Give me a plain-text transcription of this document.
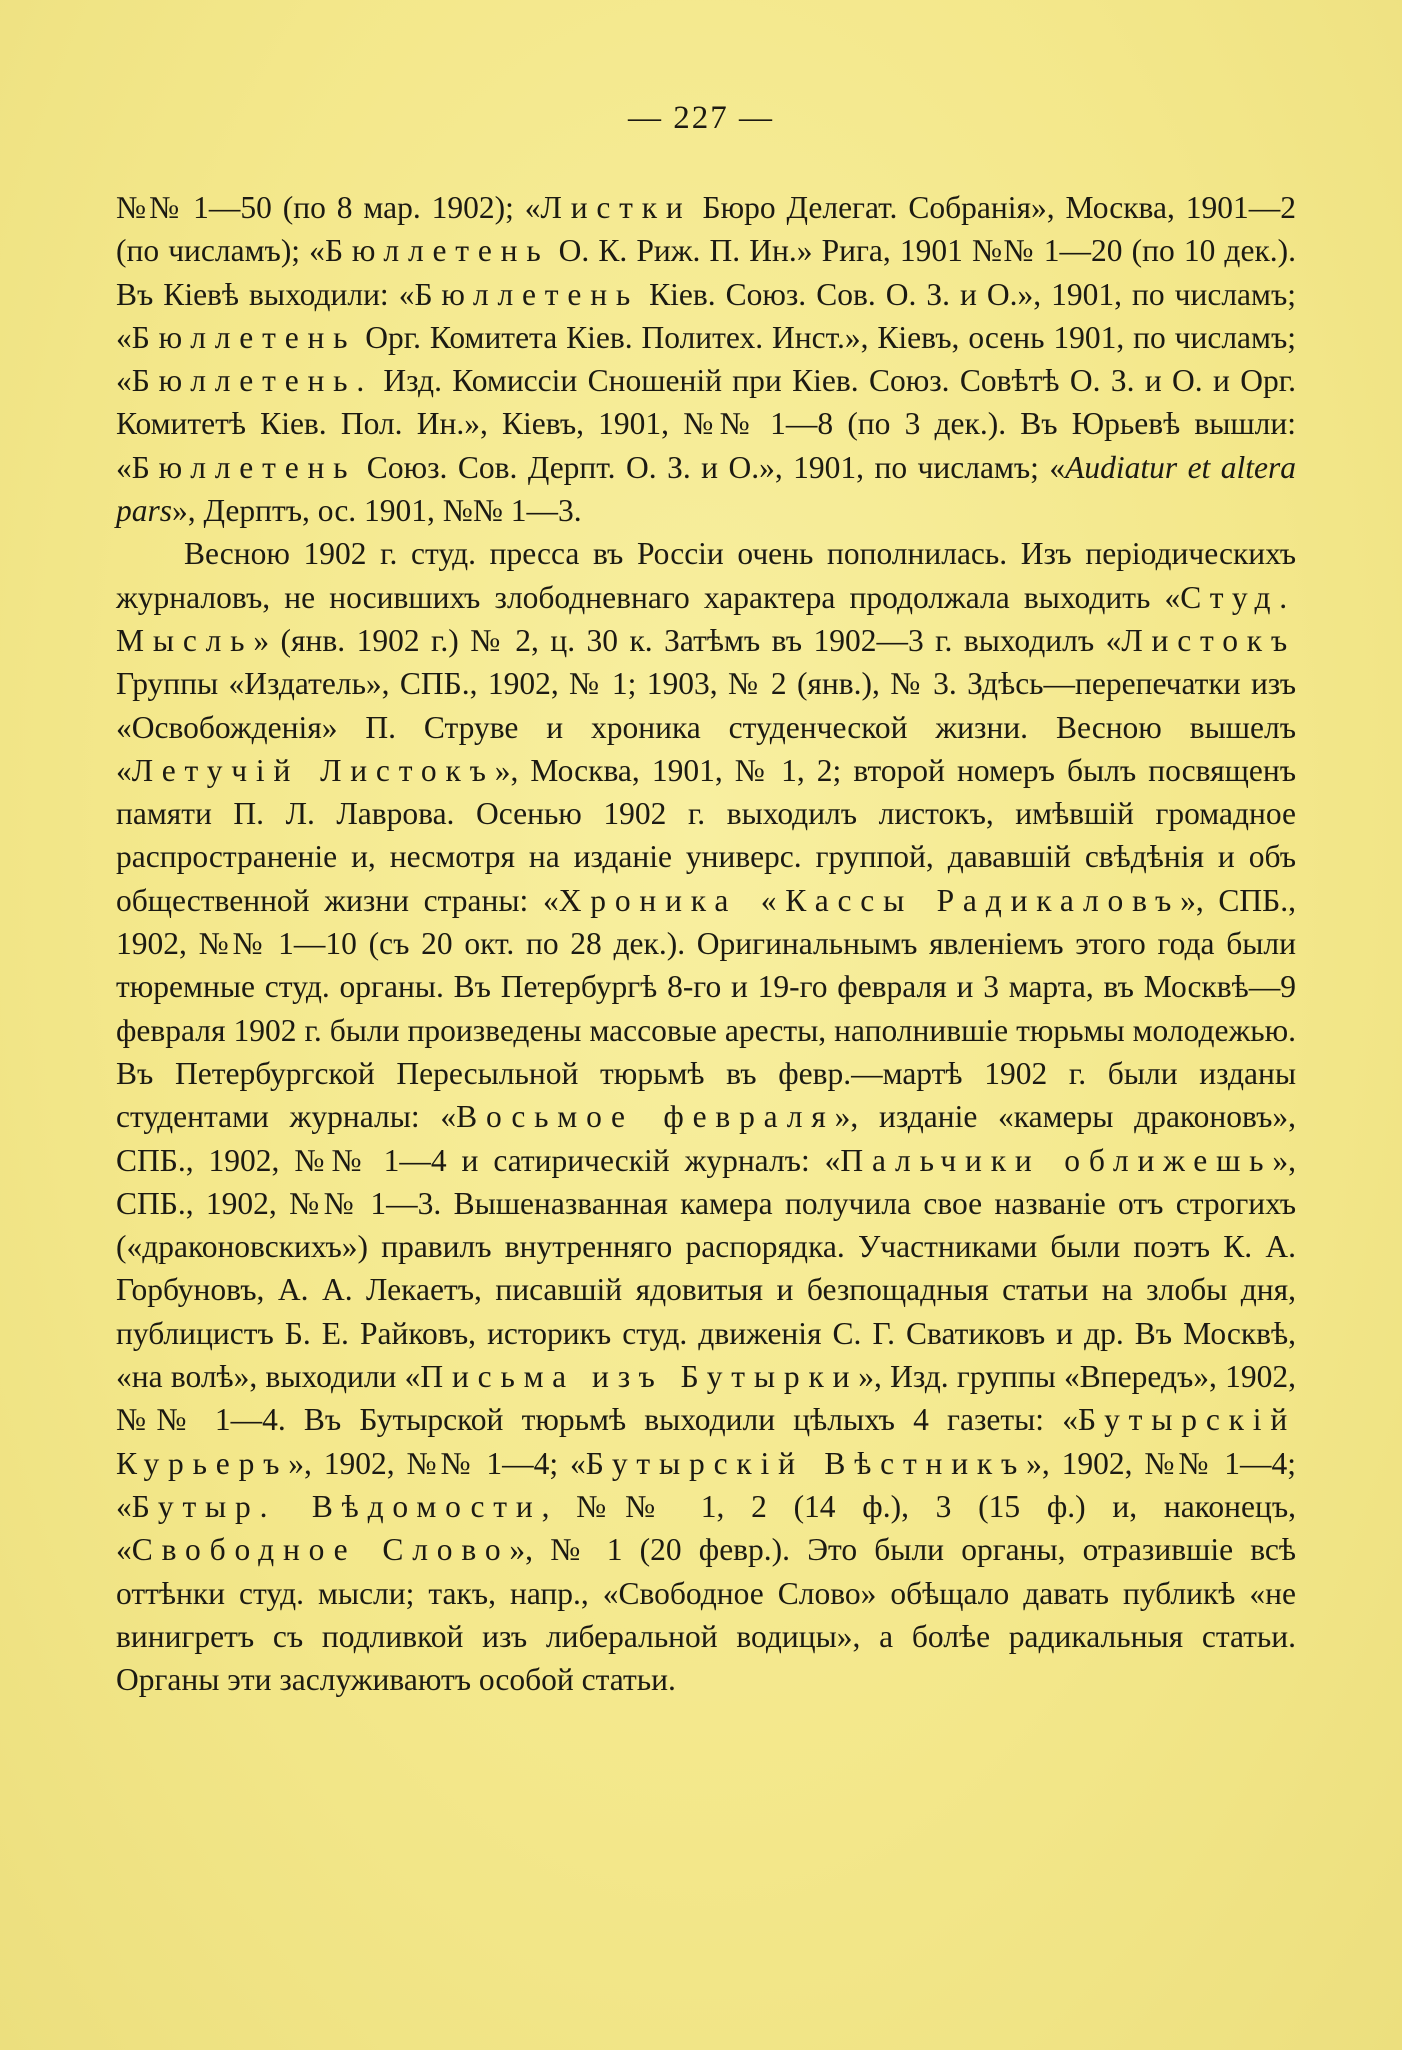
— 227 —

№№ 1—50 (по 8 мар. 1902); «Листки Бюро Делегат. Собранія», Москва, 1901—2 (по числамъ); «Бюллетень О. К. Риж. П. Ин.» Рига, 1901 №№ 1—20 (по 10 дек.). Въ Кіевѣ выходили: «Бюллетень Кіев. Союз. Сов. О. З. и О.», 1901, по числамъ; «Бюллетень Орг. Комитета Кіев. Политех. Инст.», Кіевъ, осень 1901, по числамъ; «Бюллетень. Изд. Комиссіи Сношеній при Кіев. Союз. Совѣтѣ О. З. и О. и Орг. Комитетѣ Кіев. Пол. Ин.», Кіевъ, 1901, №№ 1—8 (по 3 дек.). Въ Юрьевѣ вышли: «Бюллетень Союз. Сов. Дерпт. О. З. и О.», 1901, по числамъ; «Audiatur et altera pars», Дерптъ, ос. 1901, №№ 1—3.

Весною 1902 г. студ. пресса въ Россіи очень пополнилась. Изъ періодическихъ журналовъ, не носившихъ злободневнаго характера продолжала выходить «Студ. Мысль» (янв. 1902 г.) № 2, ц. 30 к. Затѣмъ въ 1902—3 г. выходилъ «Листокъ Группы «Издатель», СПБ., 1902, № 1; 1903, № 2 (янв.), № 3. Здѣсь—перепечатки изъ «Освобожденія» П. Струве и хроника студенческой жизни. Весною вышелъ «Летучій Листокъ», Москва, 1901, № 1, 2; второй номеръ былъ посвященъ памяти П. Л. Лаврова. Осенью 1902 г. выходилъ листокъ, имѣвшій громадное распространеніе и, несмотря на изданіе универс. группой, дававшій свѣдѣнія и объ общественной жизни страны: «Хроника «Кассы Радикаловъ», СПБ., 1902, №№ 1—10 (съ 20 окт. по 28 дек.). Оригинальнымъ явленіемъ этого года были тюремные студ. органы. Въ Петербургѣ 8-го и 19-го февраля и 3 марта, въ Москвѣ—9 февраля 1902 г. были произведены массовые аресты, наполнившіе тюрьмы молодежью. Въ Петербургской Пересыльной тюрьмѣ въ февр.—мартѣ 1902 г. были изданы студентами журналы: «Восьмое февраля», изданіе «камеры драконовъ», СПБ., 1902, №№ 1—4 и сатирическій журналъ: «Пальчики оближешь», СПБ., 1902, №№ 1—3. Вышеназванная камера получила свое названіе отъ строгихъ («драконовскихъ») правилъ внутренняго распорядка. Участниками были поэтъ К. А. Горбуновъ, А. А. Лекаетъ, писавшій ядовитыя и безпощадныя статьи на злобы дня, публицистъ Б. Е. Райковъ, историкъ студ. движенія С. Г. Сватиковъ и др. Въ Москвѣ, «на волѣ», выходили «Письма изъ Бутырки», Изд. группы «Впередъ», 1902, №№ 1—4. Въ Бутырской тюрьмѣ выходили цѣлыхъ 4 газеты: «Бутырскій Курьеръ», 1902, №№ 1—4; «Бутырскій Вѣстникъ», 1902, №№ 1—4; «Бутыр. Вѣдомости, №№ 1, 2 (14 ф.), 3 (15 ф.) и, наконецъ, «Свободное Слово», № 1 (20 февр.). Это были органы, отразившіе всѣ оттѣнки студ. мысли; такъ, напр., «Свободное Слово» обѣщало давать публикѣ «не винигретъ съ подливкой изъ либеральной водицы», а болѣе радикальныя статьи. Органы эти заслуживаютъ особой статьи.
